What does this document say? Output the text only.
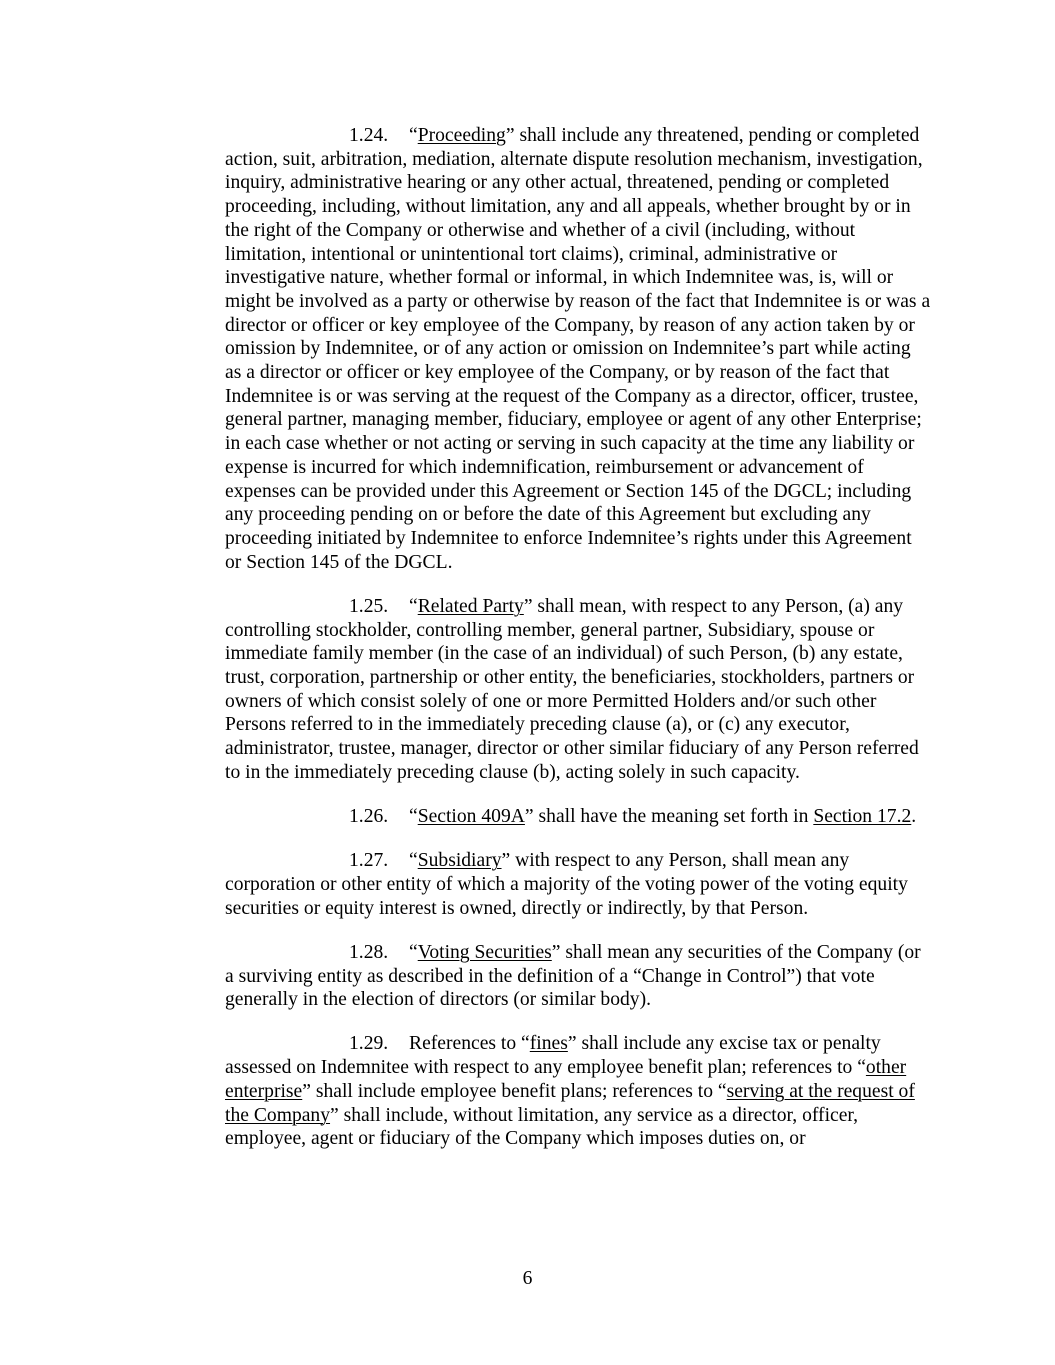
1.24. “Proceeding” shall include any threatened, pending or completed action, suit, arbitration, mediation, alternate dispute resolution mechanism, investigation, inquiry, administrative hearing or any other actual, threatened, pending or completed proceeding, including, without limitation, any and all appeals, whether brought by or in the right of the Company or otherwise and whether of a civil (including, without limitation, intentional or unintentional tort claims), criminal, administrative or investigative nature, whether formal or informal, in which Indemnitee was, is, will or might be involved as a party or otherwise by reason of the fact that Indemnitee is or was a director or officer or key employee of the Company, by reason of any action taken by or omission by Indemnitee, or of any action or omission on Indemnitee’s part while acting as a director or officer or key employee of the Company, or by reason of the fact that Indemnitee is or was serving at the request of the Company as a director, officer, trustee, general partner, managing member, fiduciary, employee or agent of any other Enterprise; in each case whether or not acting or serving in such capacity at the time any liability or expense is incurred for which indemnification, reimbursement or advancement of expenses can be provided under this Agreement or Section 145 of the DGCL; including any proceeding pending on or before the date of this Agreement but excluding any proceeding initiated by Indemnitee to enforce Indemnitee’s rights under this Agreement or Section 145 of the DGCL.

1.25. “Related Party” shall mean, with respect to any Person, (a) any controlling stockholder, controlling member, general partner, Subsidiary, spouse or immediate family member (in the case of an individual) of such Person, (b) any estate, trust, corporation, partnership or other entity, the beneficiaries, stockholders, partners or owners of which consist solely of one or more Permitted Holders and/or such other Persons referred to in the immediately preceding clause (a), or (c) any executor, administrator, trustee, manager, director or other similar fiduciary of any Person referred to in the immediately preceding clause (b), acting solely in such capacity.

1.26. “Section 409A” shall have the meaning set forth in Section 17.2.

1.27. “Subsidiary” with respect to any Person, shall mean any corporation or other entity of which a majority of the voting power of the voting equity securities or equity interest is owned, directly or indirectly, by that Person.

1.28. “Voting Securities” shall mean any securities of the Company (or a surviving entity as described in the definition of a “Change in Control”) that vote generally in the election of directors (or similar body).

1.29. References to “fines” shall include any excise tax or penalty assessed on Indemnitee with respect to any employee benefit plan; references to “other enterprise” shall include employee benefit plans; references to “serving at the request of the Company” shall include, without limitation, any service as a director, officer, employee, agent or fiduciary of the Company which imposes duties on, or

6
